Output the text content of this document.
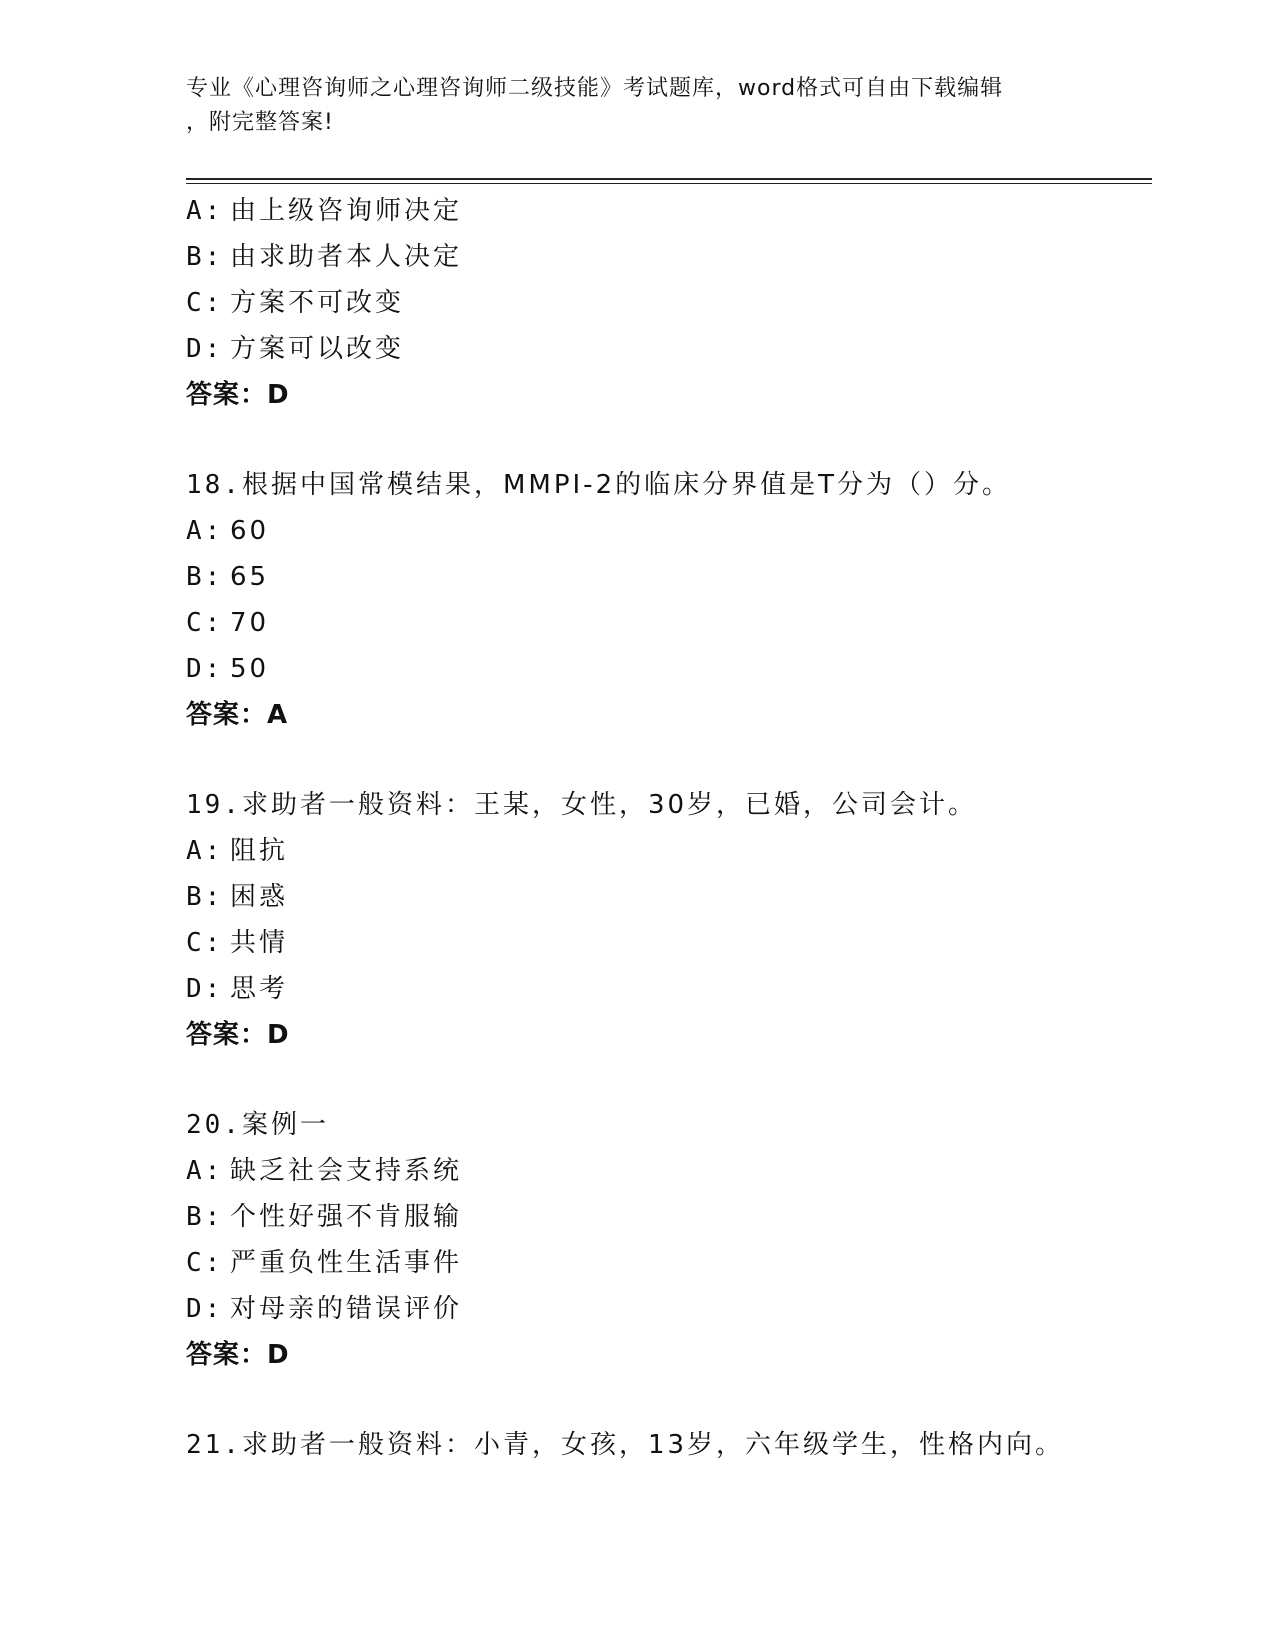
专业《心理咨询师之心理咨询师二级技能》考试题库，word格式可自由下载编辑
，附完整答案!
A: 由上级咨询师决定
B: 由求助者本人决定
C: 方案不可改变
D: 方案可以改变
答案：D
18.根据中国常模结果，MMPI-2的临床分界值是T分为（）分。
A: 60
B: 65
C: 70
D: 50
答案：A
19.求助者一般资料：王某，女性，30岁，已婚，公司会计。
A: 阻抗
B: 困惑
C: 共情
D: 思考
答案：D
20.案例一
A: 缺乏社会支持系统
B: 个性好强不肯服输
C: 严重负性生活事件
D: 对母亲的错误评价
答案：D
21.求助者一般资料：小青，女孩，13岁，六年级学生，性格内向。
